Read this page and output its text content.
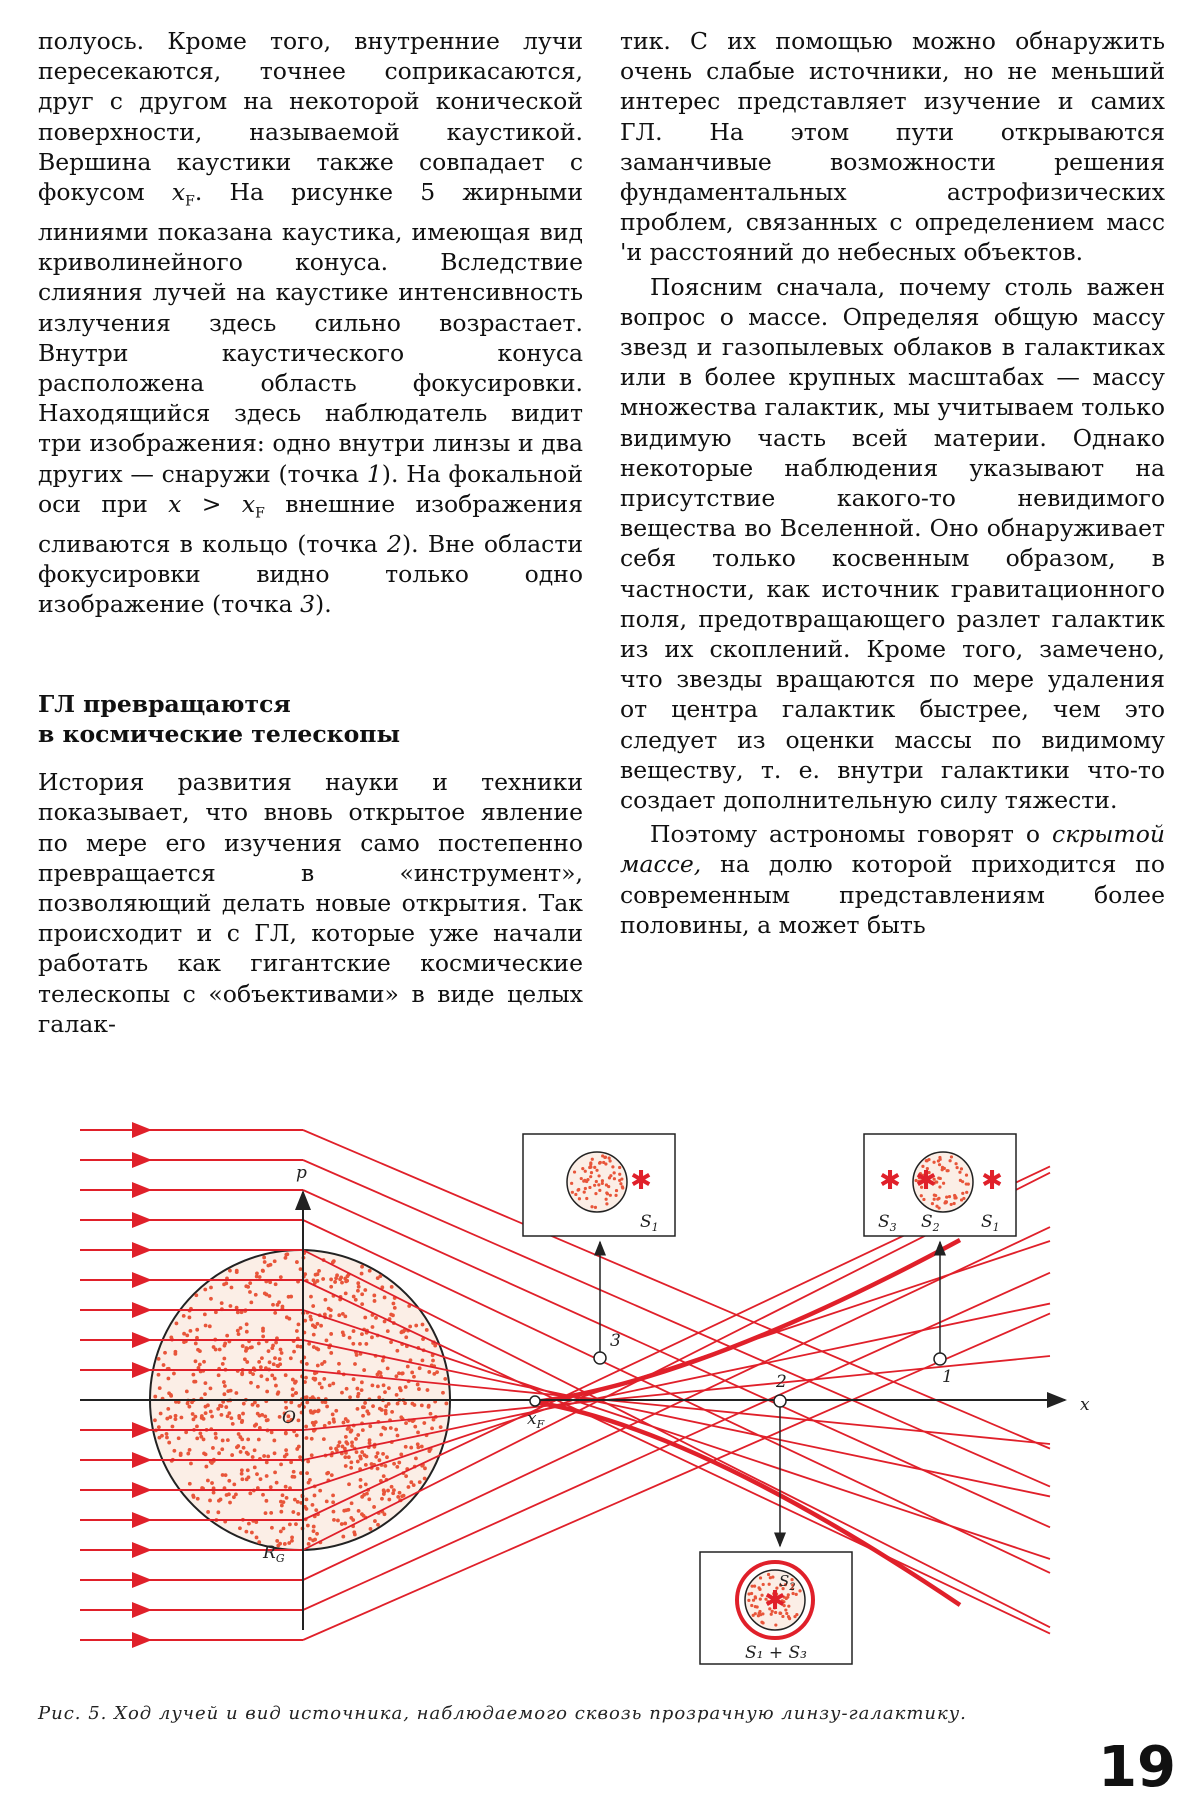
полуось. Кроме того, внутренние лучи пересекаются, точнее соприкасаются, друг с другом на некоторой коничеcкой поверхности, называемой каустикой. Вершина каустики также совпадает с фокусом $x_F$. На рисунке 5 жирными линиями показана каустика, имеющая вид криволинейного конуса. Вследствие слияния лучей на каустике интенсивность излучения здесь сильно возрастает. Внутри каустического конуса расположена область фокусировки. Находящийся здесь наблюдатель видит три изображения: одно внутри линзы и два других — снаружи (точка 1). На фокальной оси при $x > x_F$ внешние изображения сливаются в кольцо (точка 2). Вне области фокусировки видно только одно изображение (точка 3).

ГЛ превращаются
в космические телескопы

История развития науки и техники показывает, что вновь открытое явление по мере его изучения само постепенно превращается в «инструмент», позволяющий делать новые открытия. Так происходит и с ГЛ, которые уже начали работать как гигантские космические телескопы с «объективами» в виде целых галак-

тик. С их помощью можно обнаружить очень слабые источники, но не меньший интерес представляет изучение и самих ГЛ. На этом пути открываются заманчивые возможности решения фундаментальных астрофизических проблем, связанных с определением масс 'и расстояний до небесных объектов.

Поясним сначала, почему столь важен вопрос о массе. Определяя общую массу звезд и газопылевых облаков в галактиках или в более крупных масштабах — массу множества галактик, мы учитываем только видимую часть всей материи. Однако некоторые наблюдения указывают на присутствие какого-то невидимого вещества во Вселенной. Оно обнаруживает себя только косвенным образом, в частности, как источник гравитационного поля, предотвращающего разлет галактик из их скоплений. Кроме того, замечено, что звезды вращаются по мере удаления от центра галактик быстрее, чем это следует из оценки массы по видимому веществу, т. е. внутри галактики что-то создает дополнительную силу тяжести.

Поэтому астрономы говорят о скрытой массе, на долю которой приходится по современным представлениям более половины, а может быть

p
x
O	$x_F$
$R_G$
3
1
2
✱
$S_1$
✱ ✱ ✱
$S_3$ $S_2$ $S_1$
✱
$S_2$
S₁ + S₃
Рис. 5. Ход лучей и вид источника, наблюдаемого сквозь прозрачную линзу-галактику.
19
